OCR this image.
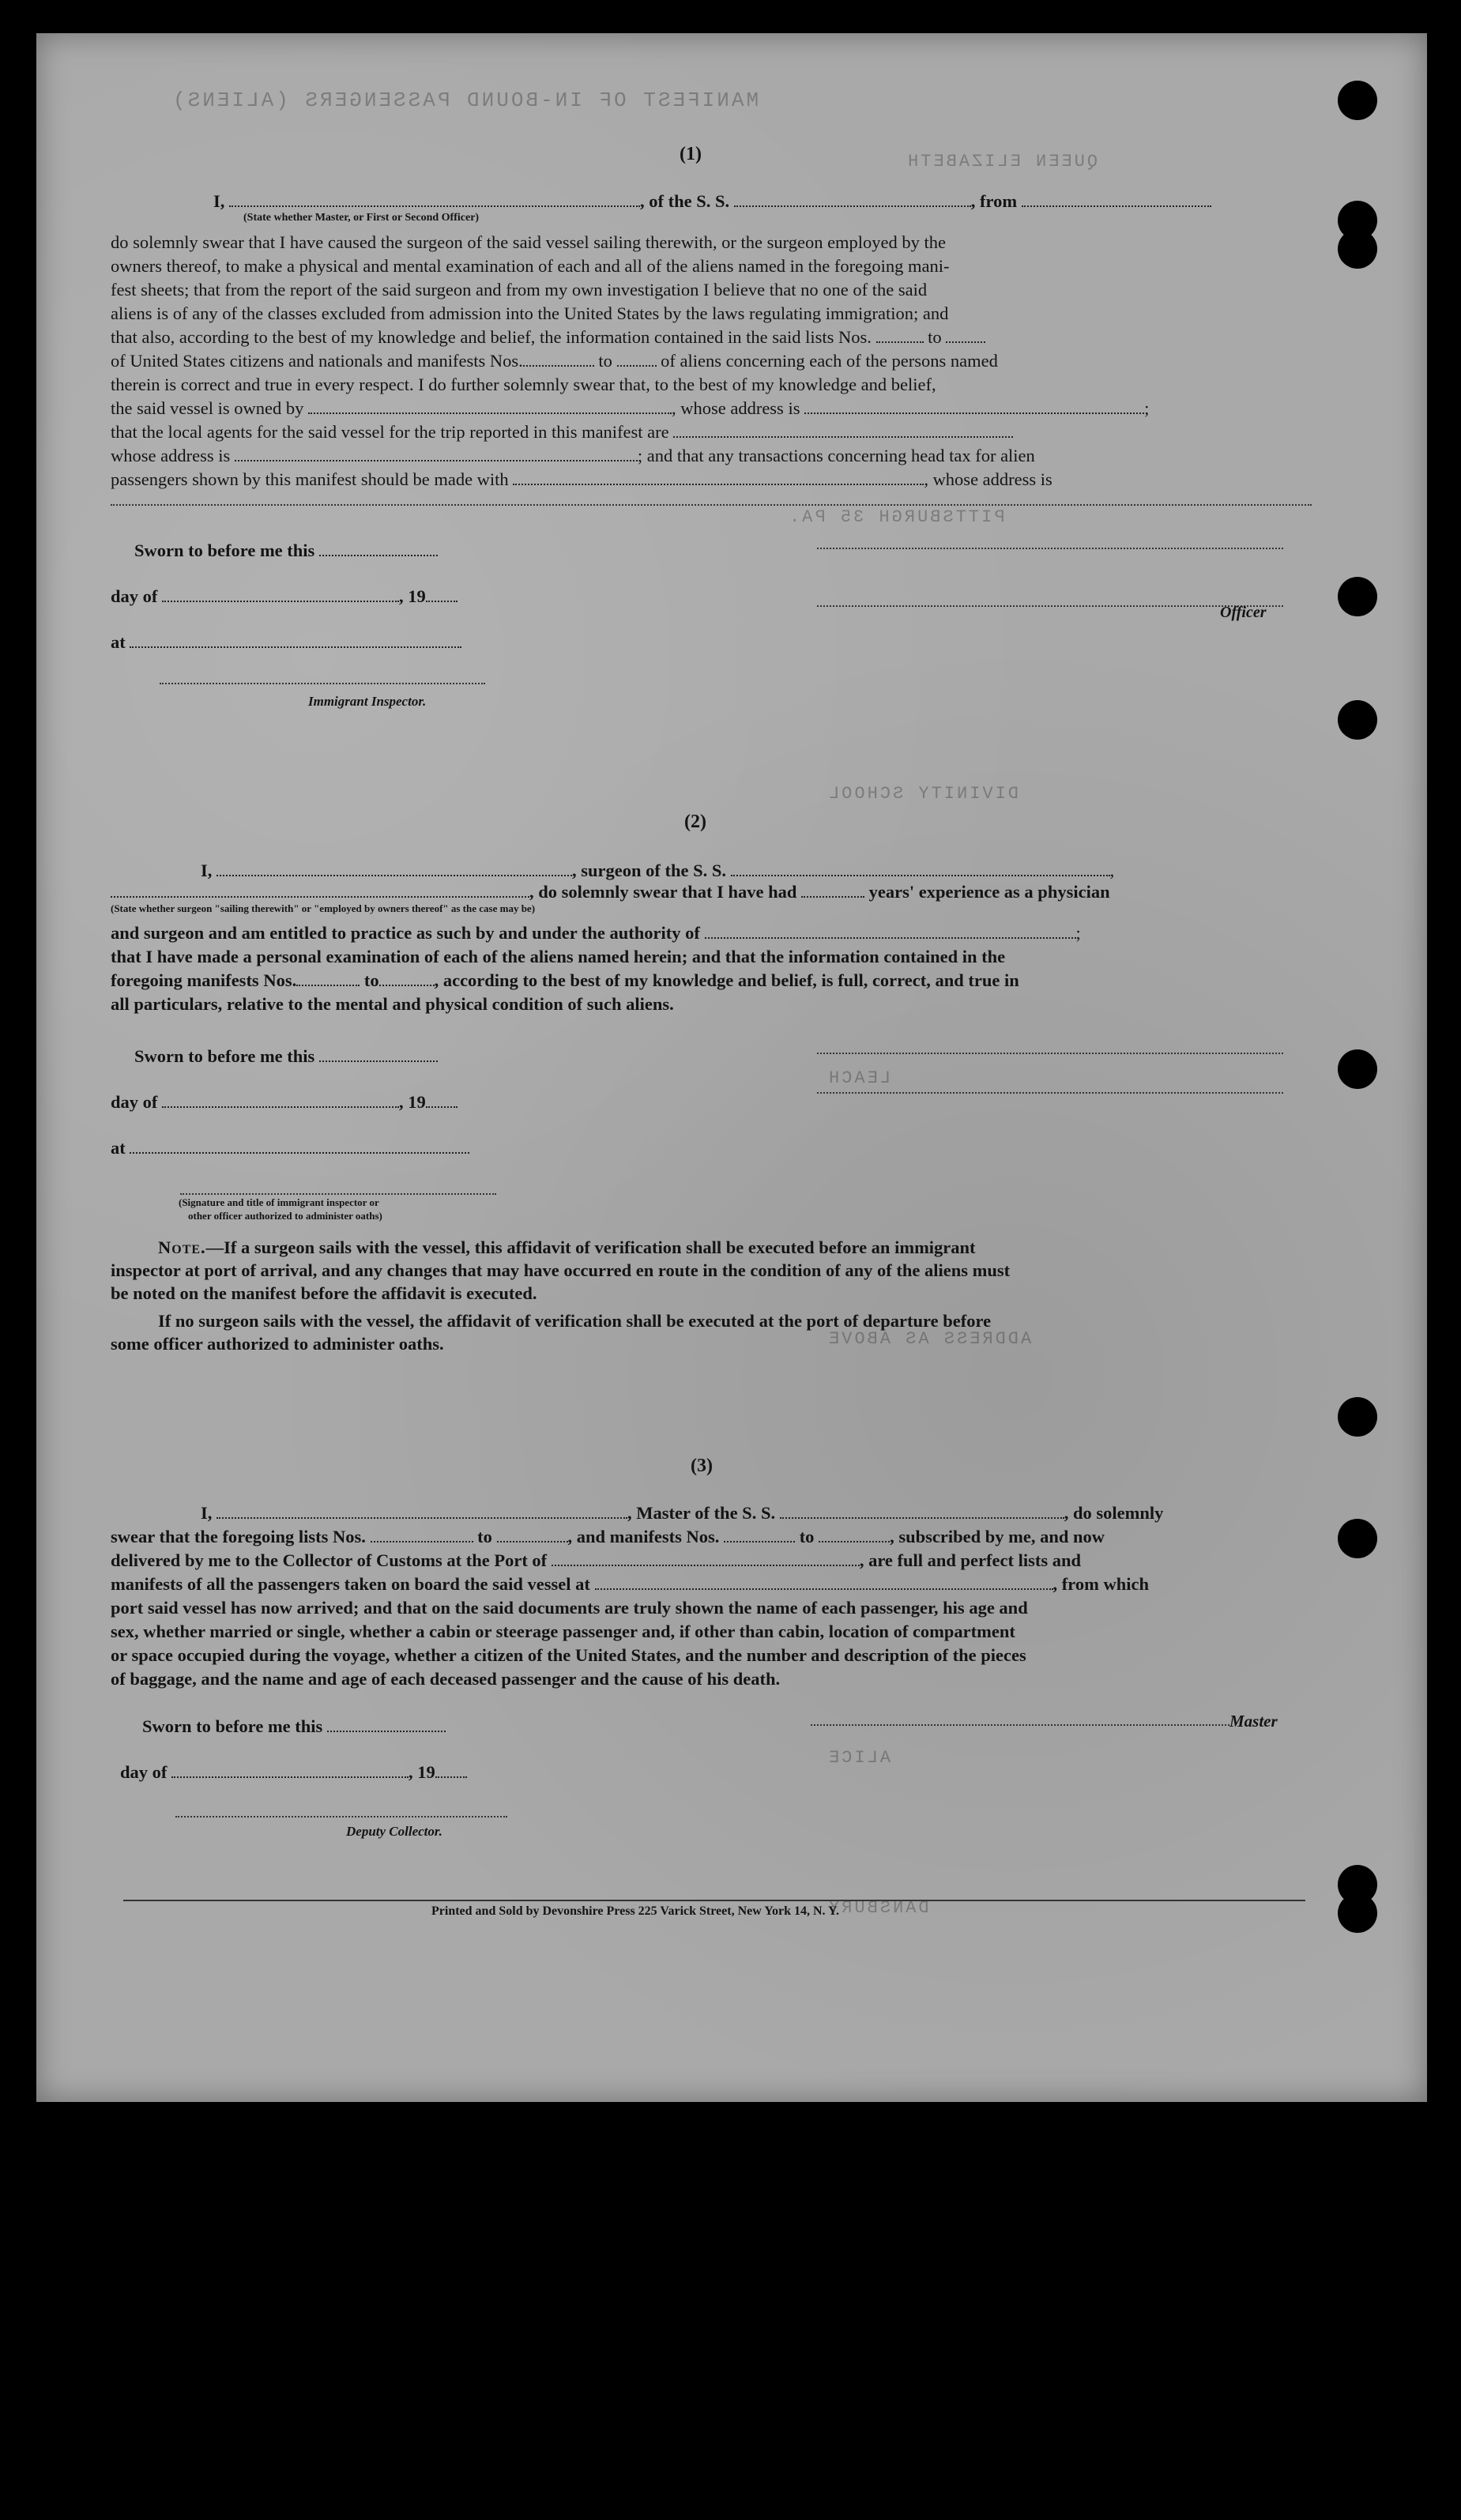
MANIFEST OF IN-BOUND PASSENGERS (ALIENS)
QUEEN ELIZABETH
PITTSBURGH 35 PA.
DIVINITY SCHOOL
LEACH
ADDRESS AS ABOVE
ALICE
DANSBURY
(1)
I,	, of the S. S.	, from
(State whether Master, or First or Second Officer)
do solemnly swear that I have caused the surgeon of the said vessel sailing therewith, or the surgeon employed by the
owners thereof, to make a physical and mental examination of each and all of the aliens named in the foregoing mani-
fest sheets; that from the report of the said surgeon and from my own investigation I believe that no one of the said
aliens is of any of the classes excluded from admission into the United States by the laws regulating immigration; and
that also, according to the best of my knowledge and belief, the information contained in the said lists Nos.	to
of United States citizens and nationals and manifests Nos.	to	of aliens concerning each of the persons named
therein is correct and true in every respect. I do further solemnly swear that, to the best of my knowledge and belief,
the said vessel is owned by	, whose address is	;
that the local agents for the said vessel for the trip reported in this manifest are
whose address is	; and that any transactions concerning head tax for alien
passengers shown by this manifest should be made with	, whose address is
Sworn to before me this
day of	, 19
at
Officer
Immigrant Inspector.
(2)
I,	, surgeon of the S. S.	,
, do solemnly swear that I have had	years' experience as a physician
(State whether surgeon "sailing therewith" or "employed by owners thereof" as the case may be)
and surgeon and am entitled to practice as such by and under the authority of	;
that I have made a personal examination of each of the aliens named herein; and that the information contained in the
foregoing manifests Nos.	to	, according to the best of my knowledge and belief, is full, correct, and true in
all particulars, relative to the mental and physical condition of such aliens.
Sworn to before me this
day of	, 19
at
(Signature and title of immigrant inspector or
other officer authorized to administer oaths)
Note.—If a surgeon sails with the vessel, this affidavit of verification shall be executed before an immigrant
inspector at port of arrival, and any changes that may have occurred en route in the condition of any of the aliens must
be noted on the manifest before the affidavit is executed.
If no surgeon sails with the vessel, the affidavit of verification shall be executed at the port of departure before
some officer authorized to administer oaths.
(3)
I,	, Master of the S. S.	, do solemnly
swear that the foregoing lists Nos.	to	, and manifests Nos.	to	, subscribed by me, and now
delivered by me to the Collector of Customs at the Port of	, are full and perfect lists and
manifests of all the passengers taken on board the said vessel at	, from which
port said vessel has now arrived; and that on the said documents are truly shown the name of each passenger, his age and
sex, whether married or single, whether a cabin or steerage passenger and, if other than cabin, location of compartment
or space occupied during the voyage, whether a citizen of the United States, and the number and description of the pieces
of baggage, and the name and age of each deceased passenger and the cause of his death.
Sworn to before me this	Master
day of	, 19
Deputy Collector.
Printed and Sold by Devonshire Press 225 Varick Street, New York 14, N. Y.
